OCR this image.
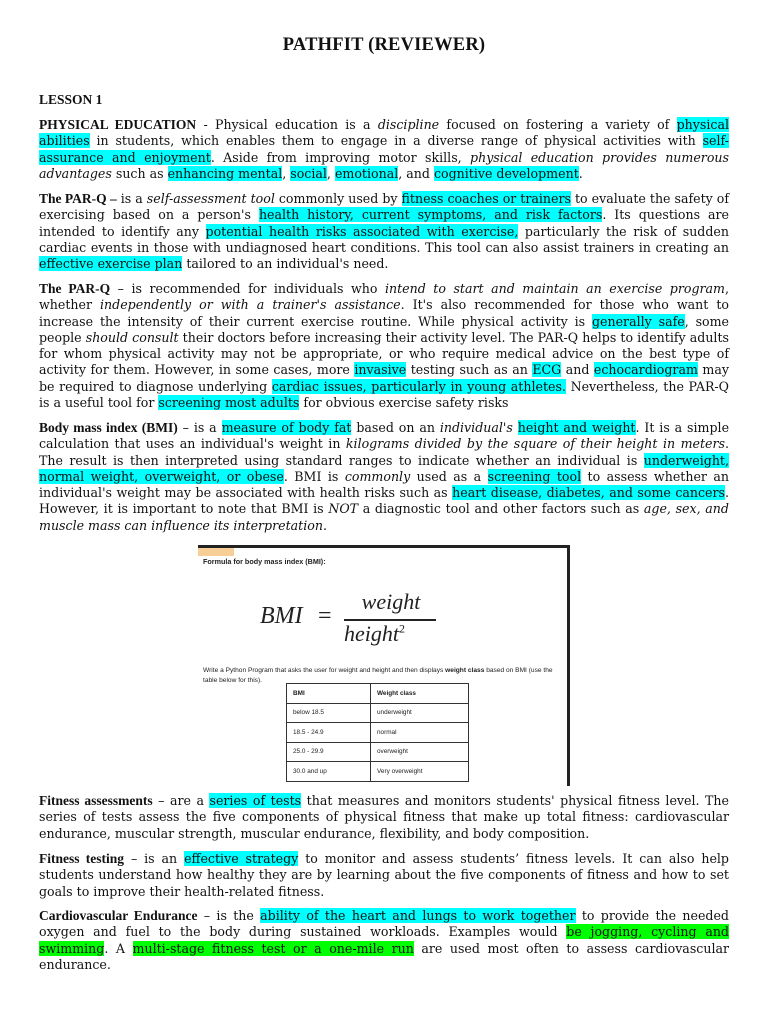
PATHFIT (REVIEWER)
LESSON 1

PHYSICAL EDUCATION - Physical education is a discipline focused on fostering a variety of physical abilities in students, which enables them to engage in a diverse range of physical activities with self-assurance and enjoyment. Aside from improving motor skills, physical education provides numerous advantages such as enhancing mental, social, emotional, and cognitive development.

The PAR-Q – is a self-assessment tool commonly used by fitness coaches or trainers to evaluate the safety of exercising based on a person's health history, current symptoms, and risk factors. Its questions are intended to identify any potential health risks associated with exercise, particularly the risk of sudden cardiac events in those with undiagnosed heart conditions. This tool can also assist trainers in creating an effective exercise plan tailored to an individual's need.

The PAR-Q – is recommended for individuals who intend to start and maintain an exercise program, whether independently or with a trainer's assistance. It's also recommended for those who want to increase the intensity of their current exercise routine. While physical activity is generally safe, some people should consult their doctors before increasing their activity level. The PAR-Q helps to identify adults for whom physical activity may not be appropriate, or who require medical advice on the best type of activity for them. However, in some cases, more invasive testing such as an ECG and echocardiogram may be required to diagnose underlying cardiac issues, particularly in young athletes. Nevertheless, the PAR-Q is a useful tool for screening most adults for obvious exercise safety risks

Body mass index (BMI) – is a measure of body fat based on an individual's height and weight. It is a simple calculation that uses an individual's weight in kilograms divided by the square of their height in meters. The result is then interpreted using standard ranges to indicate whether an individual is underweight, normal weight, overweight, or obese. BMI is commonly used as a screening tool to assess whether an individual's weight may be associated with health risks such as heart disease, diabetes, and some cancers. However, it is important to note that BMI is NOT a diagnostic tool and other factors such as age, sex, and muscle mass can influence its interpretation.

Formula for body mass index (BMI):
BMI =
weight
height$^2$
Write a Python Program that asks the user for weight and height and then displays weight class based on BMI (use the table below for this).
BMI	Weight class
below 18.5	underweight
18.5 - 24.9	normal
25.0 - 29.9	overweight
30.0 and up	Very overweight

Fitness assessments – are a series of tests that measures and monitors students' physical fitness level. The series of tests assess the five components of physical fitness that make up total fitness: cardiovascular endurance, muscular strength, muscular endurance, flexibility, and body composition.

Fitness testing – is an effective strategy to monitor and assess students’ fitness levels. It can also help students understand how healthy they are by learning about the five components of fitness and how to set goals to improve their health-related fitness.

Cardiovascular Endurance – is the ability of the heart and lungs to work together to provide the needed oxygen and fuel to the body during sustained workloads. Examples would be jogging, cycling and swimming. A multi-stage fitness test or a one-mile run are used most often to assess cardiovascular endurance.
